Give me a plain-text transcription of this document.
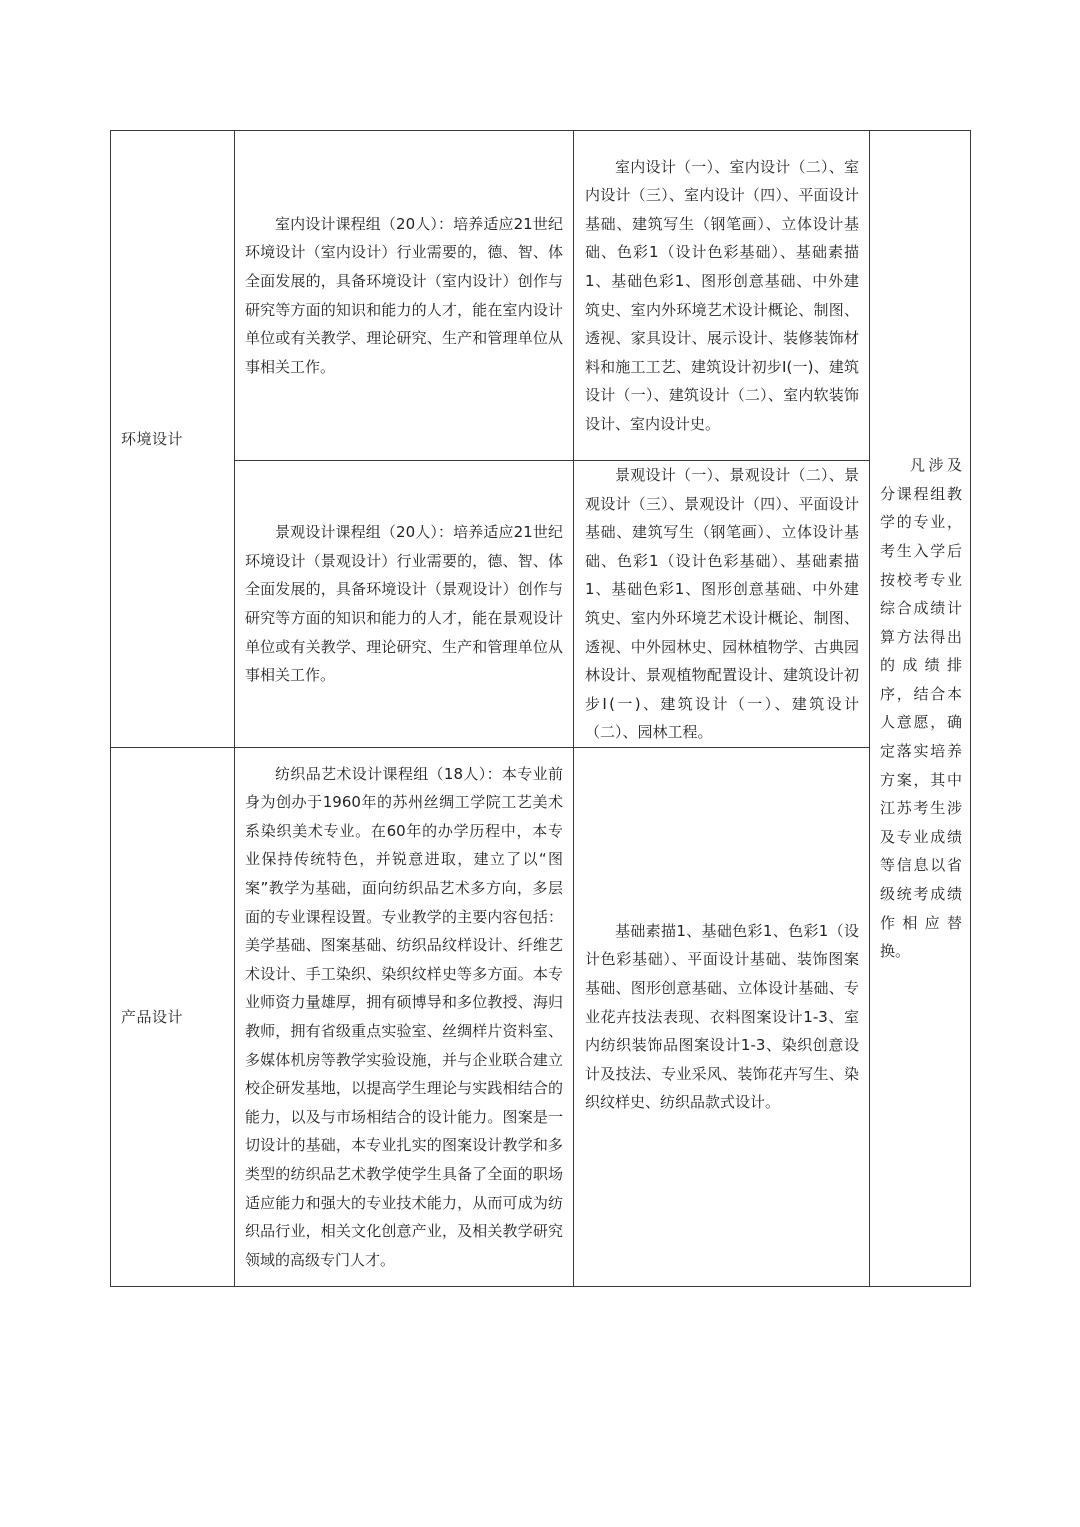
环境设计	室内设计课程组（20人）：培养适应21世纪环境设计（室内设计）行业需要的，德、智、体全面发展的，具备环境设计（室内设计）创作与研究等方面的知识和能力的人才，能在室内设计单位或有关教学、理论研究、生产和管理单位从事相关工作。	室内设计（一）、室内设计（二）、室内设计（三）、室内设计（四）、平面设计基础、建筑写生（钢笔画）、立体设计基础、色彩1（设计色彩基础）、基础素描1、基础色彩1、图形创意基础、中外建筑史、室内外环境艺术设计概论、制图、透视、家具设计、展示设计、装修装饰材料和施工工艺、建筑设计初步Ⅰ(一)、建筑设计（一）、建筑设计（二）、室内软装饰设计、室内设计史。	凡涉及分课程组教学的专业，考生入学后按校考专业综合成绩计算方法得出的成绩排序，结合本人意愿，确定落实培养方案，其中江苏考生涉及专业成绩等信息以省级统考成绩作相应替换。

	景观设计课程组（20人）：培养适应21世纪环境设计（景观设计）行业需要的，德、智、体全面发展的，具备环境设计（景观设计）创作与研究等方面的知识和能力的人才，能在景观设计单位或有关教学、理论研究、生产和管理单位从事相关工作。	景观设计（一）、景观设计（二）、景观设计（三）、景观设计（四）、平面设计基础、建筑写生（钢笔画）、立体设计基础、色彩1（设计色彩基础）、基础素描1、基础色彩1、图形创意基础、中外建筑史、室内外环境艺术设计概论、制图、透视、中外园林史、园林植物学、古典园林设计、景观植物配置设计、建筑设计初步Ⅰ(一)、建筑设计（一）、建筑设计（二）、园林工程。	

产品设计	纺织品艺术设计课程组（18人）：本专业前身为创办于1960年的苏州丝绸工学院工艺美术系染织美术专业。在60年的办学历程中，本专业保持传统特色，并锐意进取，建立了以“图案”教学为基础，面向纺织品艺术多方向，多层面的专业课程设置。专业教学的主要内容包括：美学基础、图案基础、纺织品纹样设计、纤维艺术设计、手工染织、染织纹样史等多方面。本专业师资力量雄厚，拥有硕博导和多位教授、海归教师，拥有省级重点实验室、丝绸样片资料室、多媒体机房等教学实验设施，并与企业联合建立校企研发基地，以提高学生理论与实践相结合的能力，以及与市场相结合的设计能力。图案是一切设计的基础，本专业扎实的图案设计教学和多类型的纺织品艺术教学使学生具备了全面的职场适应能力和强大的专业技术能力，从而可成为纺织品行业，相关文化创意产业，及相关教学研究领域的高级专门人才。	基础素描1、基础色彩1、色彩1（设计色彩基础）、平面设计基础、装饰图案基础、图形创意基础、立体设计基础、专业花卉技法表现、衣料图案设计1-3、室内纺织装饰品图案设计1-3、染织创意设计及技法、专业采风、装饰花卉写生、染织纹样史、纺织品款式设计。	
